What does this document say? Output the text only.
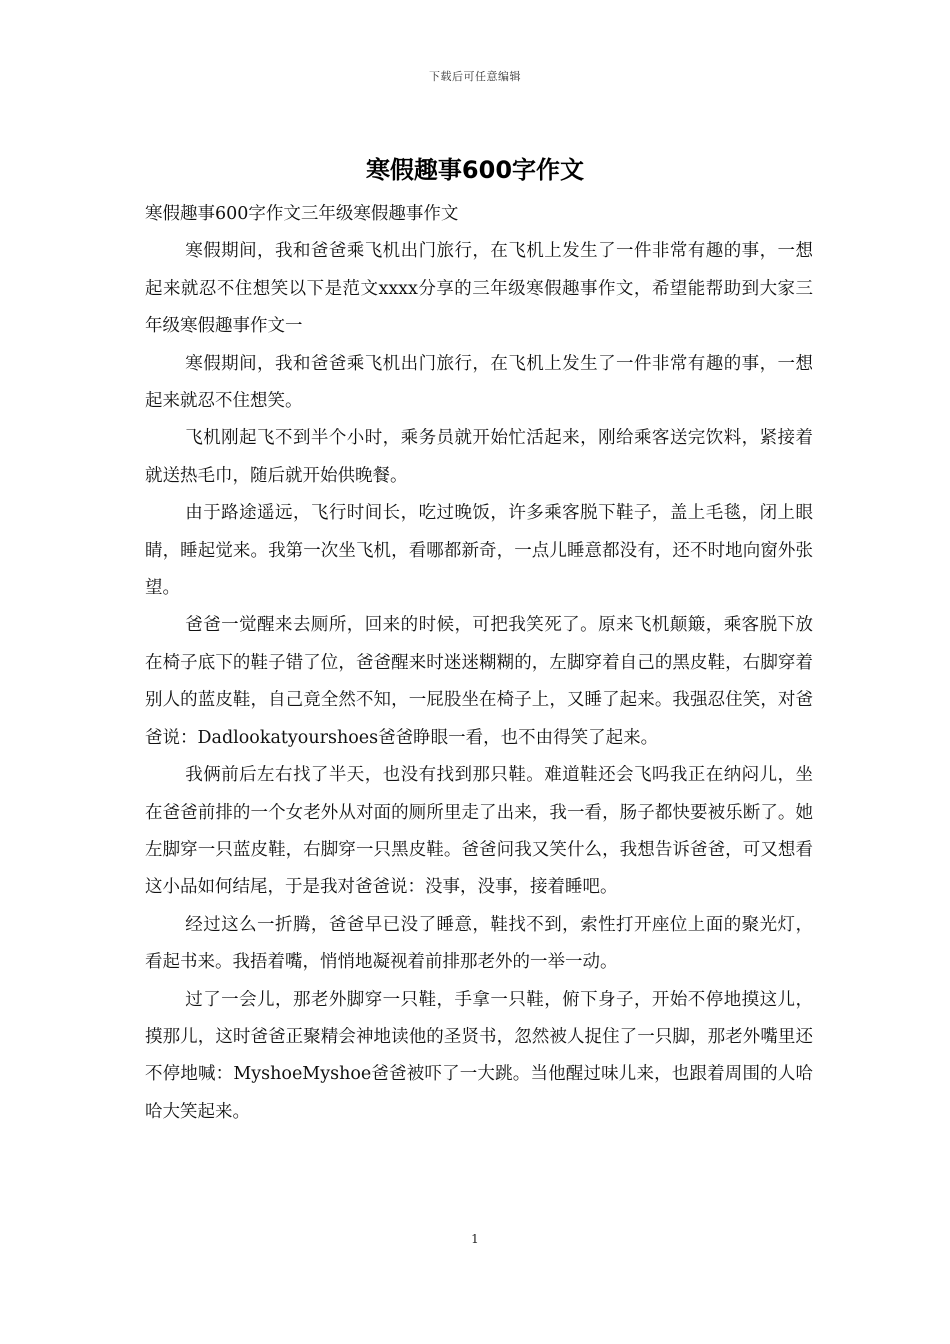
下载后可任意编辑
寒假趣事600字作文

寒假趣事600字作文三年级寒假趣事作文

寒假期间，我和爸爸乘飞机出门旅行，在飞机上发生了一件非常有趣的事，一想起来就忍不住想笑以下是范文xxxx分享的三年级寒假趣事作文，希望能帮助到大家三年级寒假趣事作文一

寒假期间，我和爸爸乘飞机出门旅行，在飞机上发生了一件非常有趣的事，一想起来就忍不住想笑。

飞机刚起飞不到半个小时，乘务员就开始忙活起来，刚给乘客送完饮料，紧接着就送热毛巾，随后就开始供晚餐。

由于路途遥远，飞行时间长，吃过晚饭，许多乘客脱下鞋子，盖上毛毯，闭上眼睛，睡起觉来。我第一次坐飞机，看哪都新奇，一点儿睡意都没有，还不时地向窗外张望。

爸爸一觉醒来去厕所，回来的时候，可把我笑死了。原来飞机颠簸，乘客脱下放在椅子底下的鞋子错了位，爸爸醒来时迷迷糊糊的，左脚穿着自己的黑皮鞋，右脚穿着别人的蓝皮鞋，自己竟全然不知，一屁股坐在椅子上，又睡了起来。我强忍住笑，对爸爸说：Dadlookatyourshoes爸爸睁眼一看，也不由得笑了起来。

我俩前后左右找了半天，也没有找到那只鞋。难道鞋还会飞吗我正在纳闷儿，坐在爸爸前排的一个女老外从对面的厕所里走了出来，我一看，肠子都快要被乐断了。她左脚穿一只蓝皮鞋，右脚穿一只黑皮鞋。爸爸问我又笑什么，我想告诉爸爸，可又想看这小品如何结尾，于是我对爸爸说：没事，没事，接着睡吧。

经过这么一折腾，爸爸早已没了睡意，鞋找不到，索性打开座位上面的聚光灯，看起书来。我捂着嘴，悄悄地凝视着前排那老外的一举一动。

过了一会儿，那老外脚穿一只鞋，手拿一只鞋，俯下身子，开始不停地摸这儿，摸那儿，这时爸爸正聚精会神地读他的圣贤书，忽然被人捉住了一只脚，那老外嘴里还不停地喊：MyshoeMyshoe爸爸被吓了一大跳。当他醒过味儿来，也跟着周围的人哈哈大笑起来。

1
